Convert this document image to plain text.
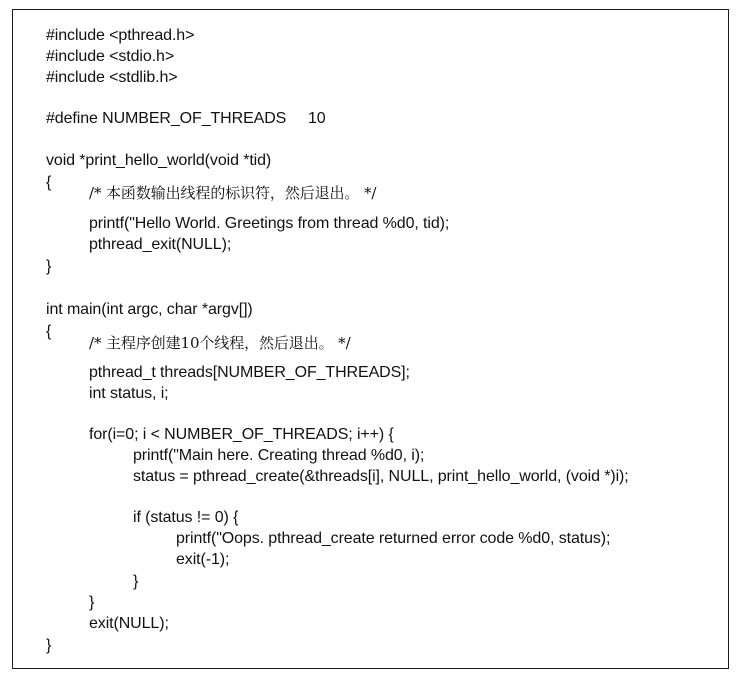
#include <pthread.h>
#include <stdio.h>
#include <stdlib.h>
#define NUMBER_OF_THREADS     10
void *print_hello_world(void *tid)
{
/* 本函数输出线程的标识符，然后退出。 */
printf("Hello World. Greetings from thread %d0, tid);
pthread_exit(NULL);
}
int main(int argc, char *argv[])
{
/* 主程序创建10个线程，然后退出。 */
pthread_t threads[NUMBER_OF_THREADS];
int status, i;
for(i=0; i < NUMBER_OF_THREADS; i++) {
printf("Main here. Creating thread %d0, i);
status = pthread_create(&threads[i], NULL, print_hello_world, (void *)i);
if (status != 0) {
printf("Oops. pthread_create returned error code %d0, status);
exit(-1);
}
}
exit(NULL);
}
